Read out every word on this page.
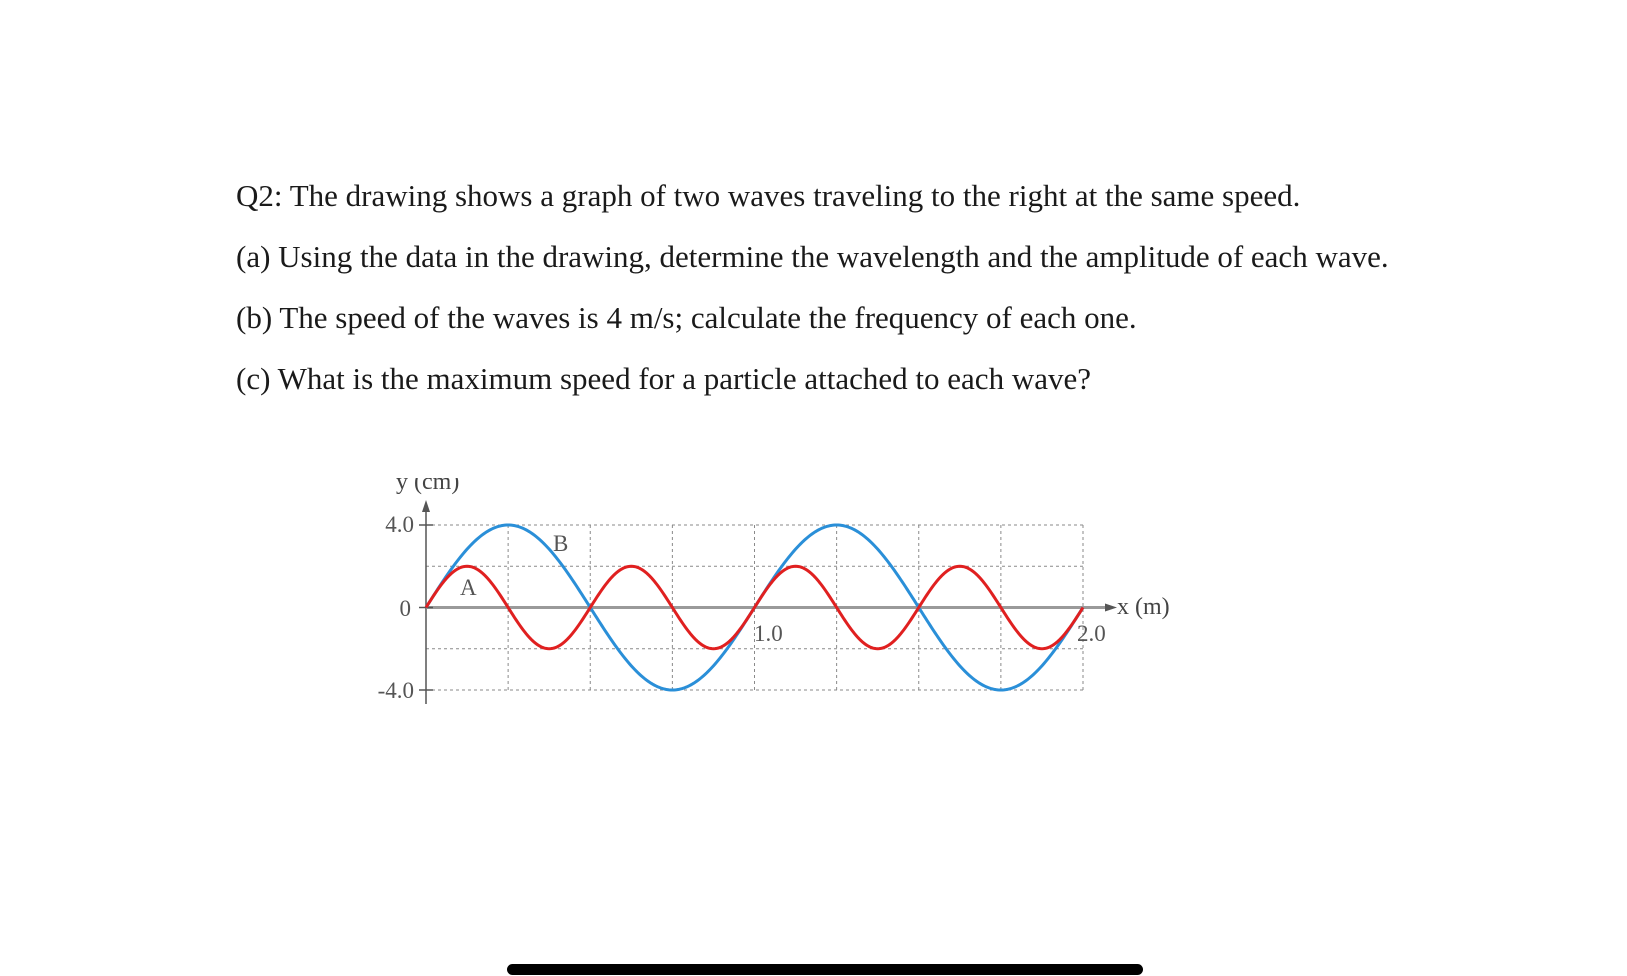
Q2: The drawing shows a graph of two waves traveling to the right at the same speed.

(a) Using the data in the drawing, determine the wavelength and the amplitude of each wave.

(b) The speed of the waves is 4 m/s; calculate the frequency of each one.

(c) What is the maximum speed for a particle attached to each wave?

y (cm)
x (m)
4.0
0
-4.0
1.0	2.0
A
B
